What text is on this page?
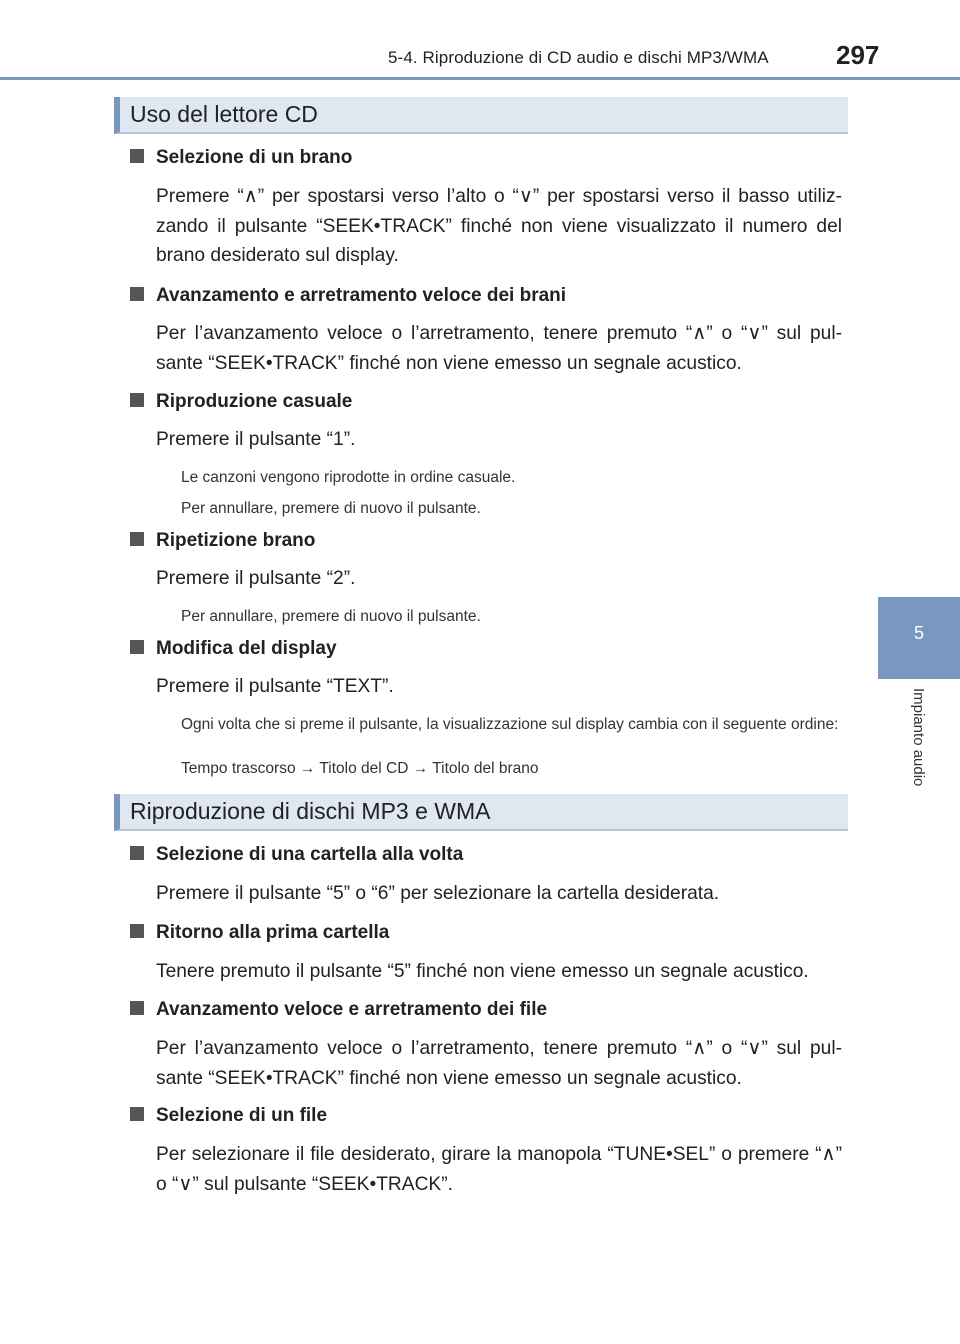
5-4. Riproduzione di CD audio e dischi MP3/WMA	297
5
Impianto audio
Uso del lettore CD
Selezione di un brano
Premere “∧” per spostarsi verso l’alto o “∨” per spostarsi verso il basso utiliz-zando il pulsante “SEEK•TRACK” finché non viene visualizzato il numero del brano desiderato sul display.
Avanzamento e arretramento veloce dei brani
Per l’avanzamento veloce o l’arretramento, tenere premuto “∧” o “∨” sul pul-sante “SEEK•TRACK” finché non viene emesso un segnale acustico.
Riproduzione casuale
Premere il pulsante “1”.
Le canzoni vengono riprodotte in ordine casuale.
Per annullare, premere di nuovo il pulsante.
Ripetizione brano
Premere il pulsante “2”.
Per annullare, premere di nuovo il pulsante.
Modifica del display
Premere il pulsante “TEXT”.
Ogni volta che si preme il pulsante, la visualizzazione sul display cambia con il seguente ordine:
Tempo trascorso → Titolo del CD → Titolo del brano
Riproduzione di dischi MP3 e WMA
Selezione di una cartella alla volta
Premere il pulsante “5” o “6” per selezionare la cartella desiderata.
Ritorno alla prima cartella
Tenere premuto il pulsante “5” finché non viene emesso un segnale acustico.
Avanzamento veloce e arretramento dei file
Per l’avanzamento veloce o l’arretramento, tenere premuto “∧” o “∨” sul pul-sante “SEEK•TRACK” finché non viene emesso un segnale acustico.
Selezione di un file
Per selezionare il file desiderato, girare la manopola “TUNE•SEL” o premere “∧” o “∨” sul pulsante “SEEK•TRACK”.
